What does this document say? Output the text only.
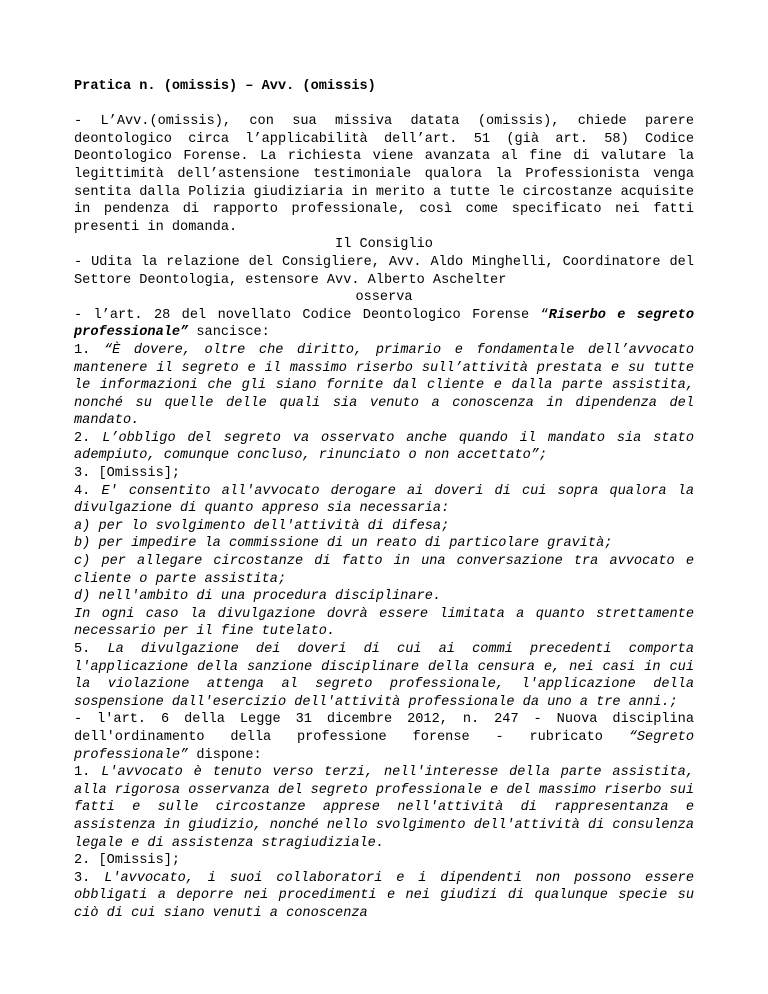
Pratica n. (omissis) – Avv. (omissis)

- L’Avv.(omissis), con sua missiva datata (omissis), chiede parere deontologico circa l’applicabilità dell’art. 51 (già art. 58) Codice Deontologico Forense. La richiesta viene avanzata al fine di valutare la legittimità dell’astensione testimoniale qualora la Professionista venga sentita dalla Polizia giudiziaria in merito a tutte le circostanze acquisite in pendenza di rapporto professionale, così come specificato nei fatti presenti in domanda.

Il Consiglio

- Udita la relazione del Consigliere, Avv. Aldo Minghelli, Coordinatore del Settore Deontologia, estensore Avv. Alberto Aschelter

osserva

- l’art. 28 del novellato Codice Deontologico Forense “Riserbo e segreto professionale” sancisce:

1. “È dovere, oltre che diritto, primario e fondamentale dell’avvocato mantenere il segreto e il massimo riserbo sull’attività prestata e su tutte le informazioni che gli siano fornite dal cliente e dalla parte assistita, nonché su quelle delle quali sia venuto a conoscenza in dipendenza del mandato.

2. L’obbligo del segreto va osservato anche quando il mandato sia stato adempiuto, comunque concluso, rinunciato o non accettato”;

3. [Omissis];

4. E' consentito all'avvocato derogare ai doveri di cui sopra qualora la divulgazione di quanto appreso sia necessaria:

a) per lo svolgimento dell'attività di difesa;

b) per impedire la commissione di un reato di particolare gravità;

c) per allegare circostanze di fatto in una conversazione tra avvocato e cliente o parte assistita;

d) nell'ambito di una procedura disciplinare.

In ogni caso la divulgazione dovrà essere limitata a quanto strettamente necessario per il fine tutelato.

5. La divulgazione dei doveri di cui ai commi precedenti comporta l'applicazione della sanzione disciplinare della censura e, nei casi in cui la violazione attenga al segreto professionale, l'applicazione della sospensione dall'esercizio dell'attività professionale da uno a tre anni.;

- l'art. 6 della Legge 31 dicembre 2012, n. 247 - Nuova disciplina dell'ordinamento della professione forense - rubricato “Segreto professionale” dispone:

1. L'avvocato è tenuto verso terzi, nell'interesse della parte assistita, alla rigorosa osservanza del segreto professionale e del massimo riserbo sui fatti e sulle circostanze apprese nell'attività di rappresentanza e assistenza in giudizio, nonché nello svolgimento dell'attività di consulenza legale e di assistenza stragiudiziale.

2. [Omissis];

3. L'avvocato, i suoi collaboratori e i dipendenti non possono essere obbligati a deporre nei procedimenti e nei giudizi di qualunque specie su ciò di cui siano venuti a conoscenza
